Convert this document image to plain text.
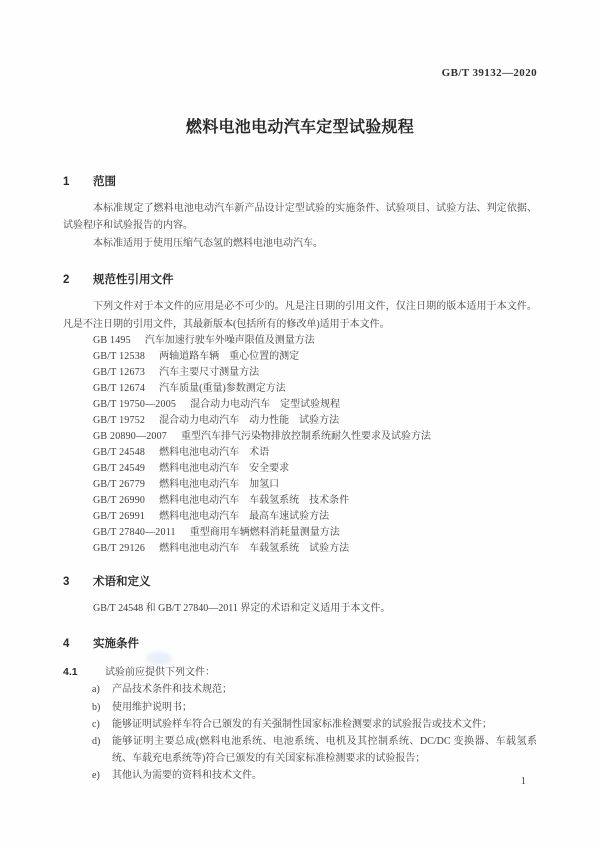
GB/T 39132—2020
燃料电池电动汽车定型试验规程
1 范围

本标准规定了燃料电池电动汽车新产品设计定型试验的实施条件、试验项目、试验方法、判定依据、试验程序和试验报告的内容。

本标准适用于使用压缩气态氢的燃料电池电动汽车。

2 规范性引用文件

下列文件对于本文件的应用是必不可少的。凡是注日期的引用文件，仅注日期的版本适用于本文件。凡是不注日期的引用文件，其最新版本(包括所有的修改单)适用于本文件。

GB 1495 汽车加速行驶车外噪声限值及测量方法
GB/T 12538 两轴道路车辆　重心位置的测定
GB/T 12673 汽车主要尺寸测量方法
GB/T 12674 汽车质量(重量)参数测定方法
GB/T 19750—2005 混合动力电动汽车　定型试验规程
GB/T 19752 混合动力电动汽车　动力性能　试验方法
GB 20890—2007 重型汽车排气污染物排放控制系统耐久性要求及试验方法
GB/T 24548 燃料电池电动汽车　术语
GB/T 24549 燃料电池电动汽车　安全要求
GB/T 26779 燃料电池电动汽车　加氢口
GB/T 26990 燃料电池电动汽车　车载氢系统　技术条件
GB/T 26991 燃料电池电动汽车　最高车速试验方法
GB/T 27840—2011 重型商用车辆燃料消耗量测量方法
GB/T 29126 燃料电池电动汽车　车载氢系统　试验方法
3 术语和定义

GB/T 24548 和 GB/T 27840—2011 界定的术语和定义适用于本文件。

4 实施条件
4.1	试验前应提供下列文件：
a)	产品技术条件和技术规范；
b)	使用维护说明书；
c)	能够证明试验样车符合已颁发的有关强制性国家标准检测要求的试验报告或技术文件；
d)	能够证明主要总成(燃料电池系统、电池系统、电机及其控制系统、DC/DC 变换器、车载氢系统、车载充电系统等)符合已颁发的有关国家标准检测要求的试验报告；
e)	其他认为需要的资料和技术文件。
1
